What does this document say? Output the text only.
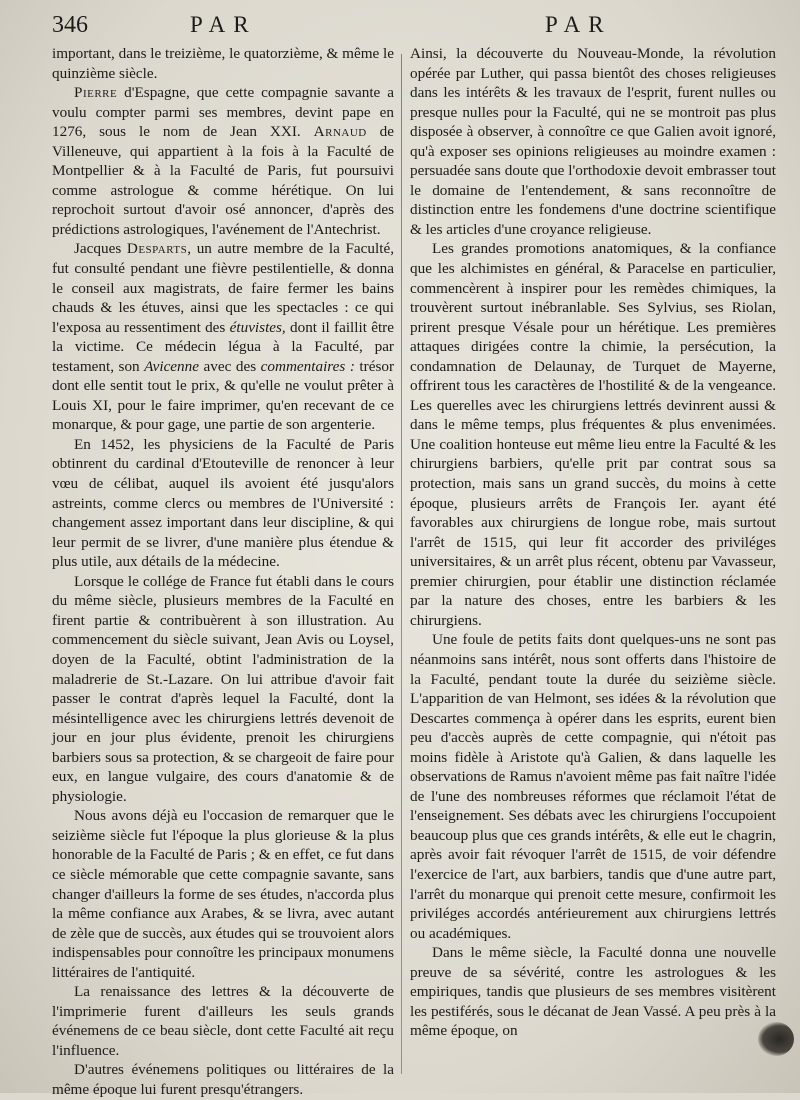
346	PAR	PAR

important, dans le treizième, le quatorzième, & même le quinzième siècle.

Pierre d'Espagne, que cette compagnie savante a voulu compter parmi ses membres, devint pape en 1276, sous le nom de Jean XXI. Arnaud de Villeneuve, qui appartient à la fois à la Faculté de Montpellier & à la Faculté de Paris, fut poursuivi comme astrologue & comme hérétique. On lui reprochoit surtout d'avoir osé annoncer, d'après des prédictions astrologiques, l'avénement de l'Antechrist.

Jacques Desparts, un autre membre de la Faculté, fut consulté pendant une fièvre pestilentielle, & donna le conseil aux magistrats, de faire fermer les bains chauds & les étuves, ainsi que les spectacles : ce qui l'exposa au ressentiment des étuvistes, dont il faillit être la victime. Ce médecin légua à la Faculté, par testament, son Avicenne avec des commentaires : trésor dont elle sentit tout le prix, & qu'elle ne voulut prêter à Louis XI, pour le faire imprimer, qu'en recevant de ce monarque, & pour gage, une partie de son argenterie.

En 1452, les physiciens de la Faculté de Paris obtinrent du cardinal d'Etouteville de renoncer à leur vœu de célibat, auquel ils avoient été jusqu'alors astreints, comme clercs ou membres de l'Université : changement assez important dans leur discipline, & qui leur permit de se livrer, d'une manière plus étendue & plus utile, aux détails de la médecine.

Lorsque le collége de France fut établi dans le cours du même siècle, plusieurs membres de la Faculté en firent partie & contribuèrent à son illustration. Au commencement du siècle suivant, Jean Avis ou Loysel, doyen de la Faculté, obtint l'administration de la maladrerie de St.-Lazare. On lui attribue d'avoir fait passer le contrat d'après lequel la Faculté, dont la mésintelligence avec les chirurgiens lettrés devenoit de jour en jour plus évidente, prenoit les chirurgiens barbiers sous sa protection, & se chargeoit de faire pour eux, en langue vulgaire, des cours d'anatomie & de physiologie.

Nous avons déjà eu l'occasion de remarquer que le seizième siècle fut l'époque la plus glorieuse & la plus honorable de la Faculté de Paris ; & en effet, ce fut dans ce siècle mémorable que cette compagnie savante, sans changer d'ailleurs la forme de ses études, n'accorda plus la même confiance aux Arabes, & se livra, avec autant de zèle que de succès, aux études qui se trouvoient alors indispensables pour connoître les principaux monumens littéraires de l'antiquité.

La renaissance des lettres & la découverte de l'imprimerie furent d'ailleurs les seuls grands événemens de ce beau siècle, dont cette Faculté ait reçu l'influence.

D'autres événemens politiques ou littéraires de la même époque lui furent presqu'étrangers.

Ainsi, la découverte du Nouveau-Monde, la révolution opérée par Luther, qui passa bientôt des choses religieuses dans les intérêts & les travaux de l'esprit, furent nulles ou presque nulles pour la Faculté, qui ne se montroit pas plus disposée à observer, à connoître ce que Galien avoit ignoré, qu'à exposer ses opinions religieuses au moindre examen : persuadée sans doute que l'orthodoxie devoit embrasser tout le domaine de l'entendement, & sans reconnoître de distinction entre les fondemens d'une doctrine scientifique & les articles d'une croyance religieuse.

Les grandes promotions anatomiques, & la confiance que les alchimistes en général, & Paracelse en particulier, commencèrent à inspirer pour les remèdes chimiques, la trouvèrent surtout inébranlable. Ses Sylvius, ses Riolan, prirent presque Vésale pour un hérétique. Les premières attaques dirigées contre la chimie, la persécution, la condamnation de Delaunay, de Turquet de Mayerne, offrirent tous les caractères de l'hostilité & de la vengeance. Les querelles avec les chirurgiens lettrés devinrent aussi & dans le même temps, plus fréquentes & plus envenimées. Une coalition honteuse eut même lieu entre la Faculté & les chirurgiens barbiers, qu'elle prit par contrat sous sa protection, mais sans un grand succès, du moins à cette époque, plusieurs arrêts de François Ier. ayant été favorables aux chirurgiens de longue robe, mais surtout l'arrêt de 1515, qui leur fit accorder des priviléges universitaires, & un arrêt plus récent, obtenu par Vavasseur, premier chirurgien, pour établir une distinction réclamée par la nature des choses, entre les barbiers & les chirurgiens.

Une foule de petits faits dont quelques-uns ne sont pas néanmoins sans intérêt, nous sont offerts dans l'histoire de la Faculté, pendant toute la durée du seizième siècle. L'apparition de van Helmont, ses idées & la révolution que Descartes commença à opérer dans les esprits, eurent bien peu d'accès auprès de cette compagnie, qui n'étoit pas moins fidèle à Aristote qu'à Galien, & dans laquelle les observations de Ramus n'avoient même pas fait naître l'idée de l'une des nombreuses réformes que réclamoit l'état de l'enseignement. Ses débats avec les chirurgiens l'occupoient beaucoup plus que ces grands intérêts, & elle eut le chagrin, après avoir fait révoquer l'arrêt de 1515, de voir défendre l'exercice de l'art, aux barbiers, tandis que d'une autre part, l'arrêt du monarque qui prenoit cette mesure, confirmoit les priviléges accordés antérieurement aux chirurgiens lettrés ou académiques.

Dans le même siècle, la Faculté donna une nouvelle preuve de sa sévérité, contre les astrologues & les empiriques, tandis que plusieurs de ses membres visitèrent les pestiférés, sous le décanat de Jean Vassé. A peu près à la même époque, on
